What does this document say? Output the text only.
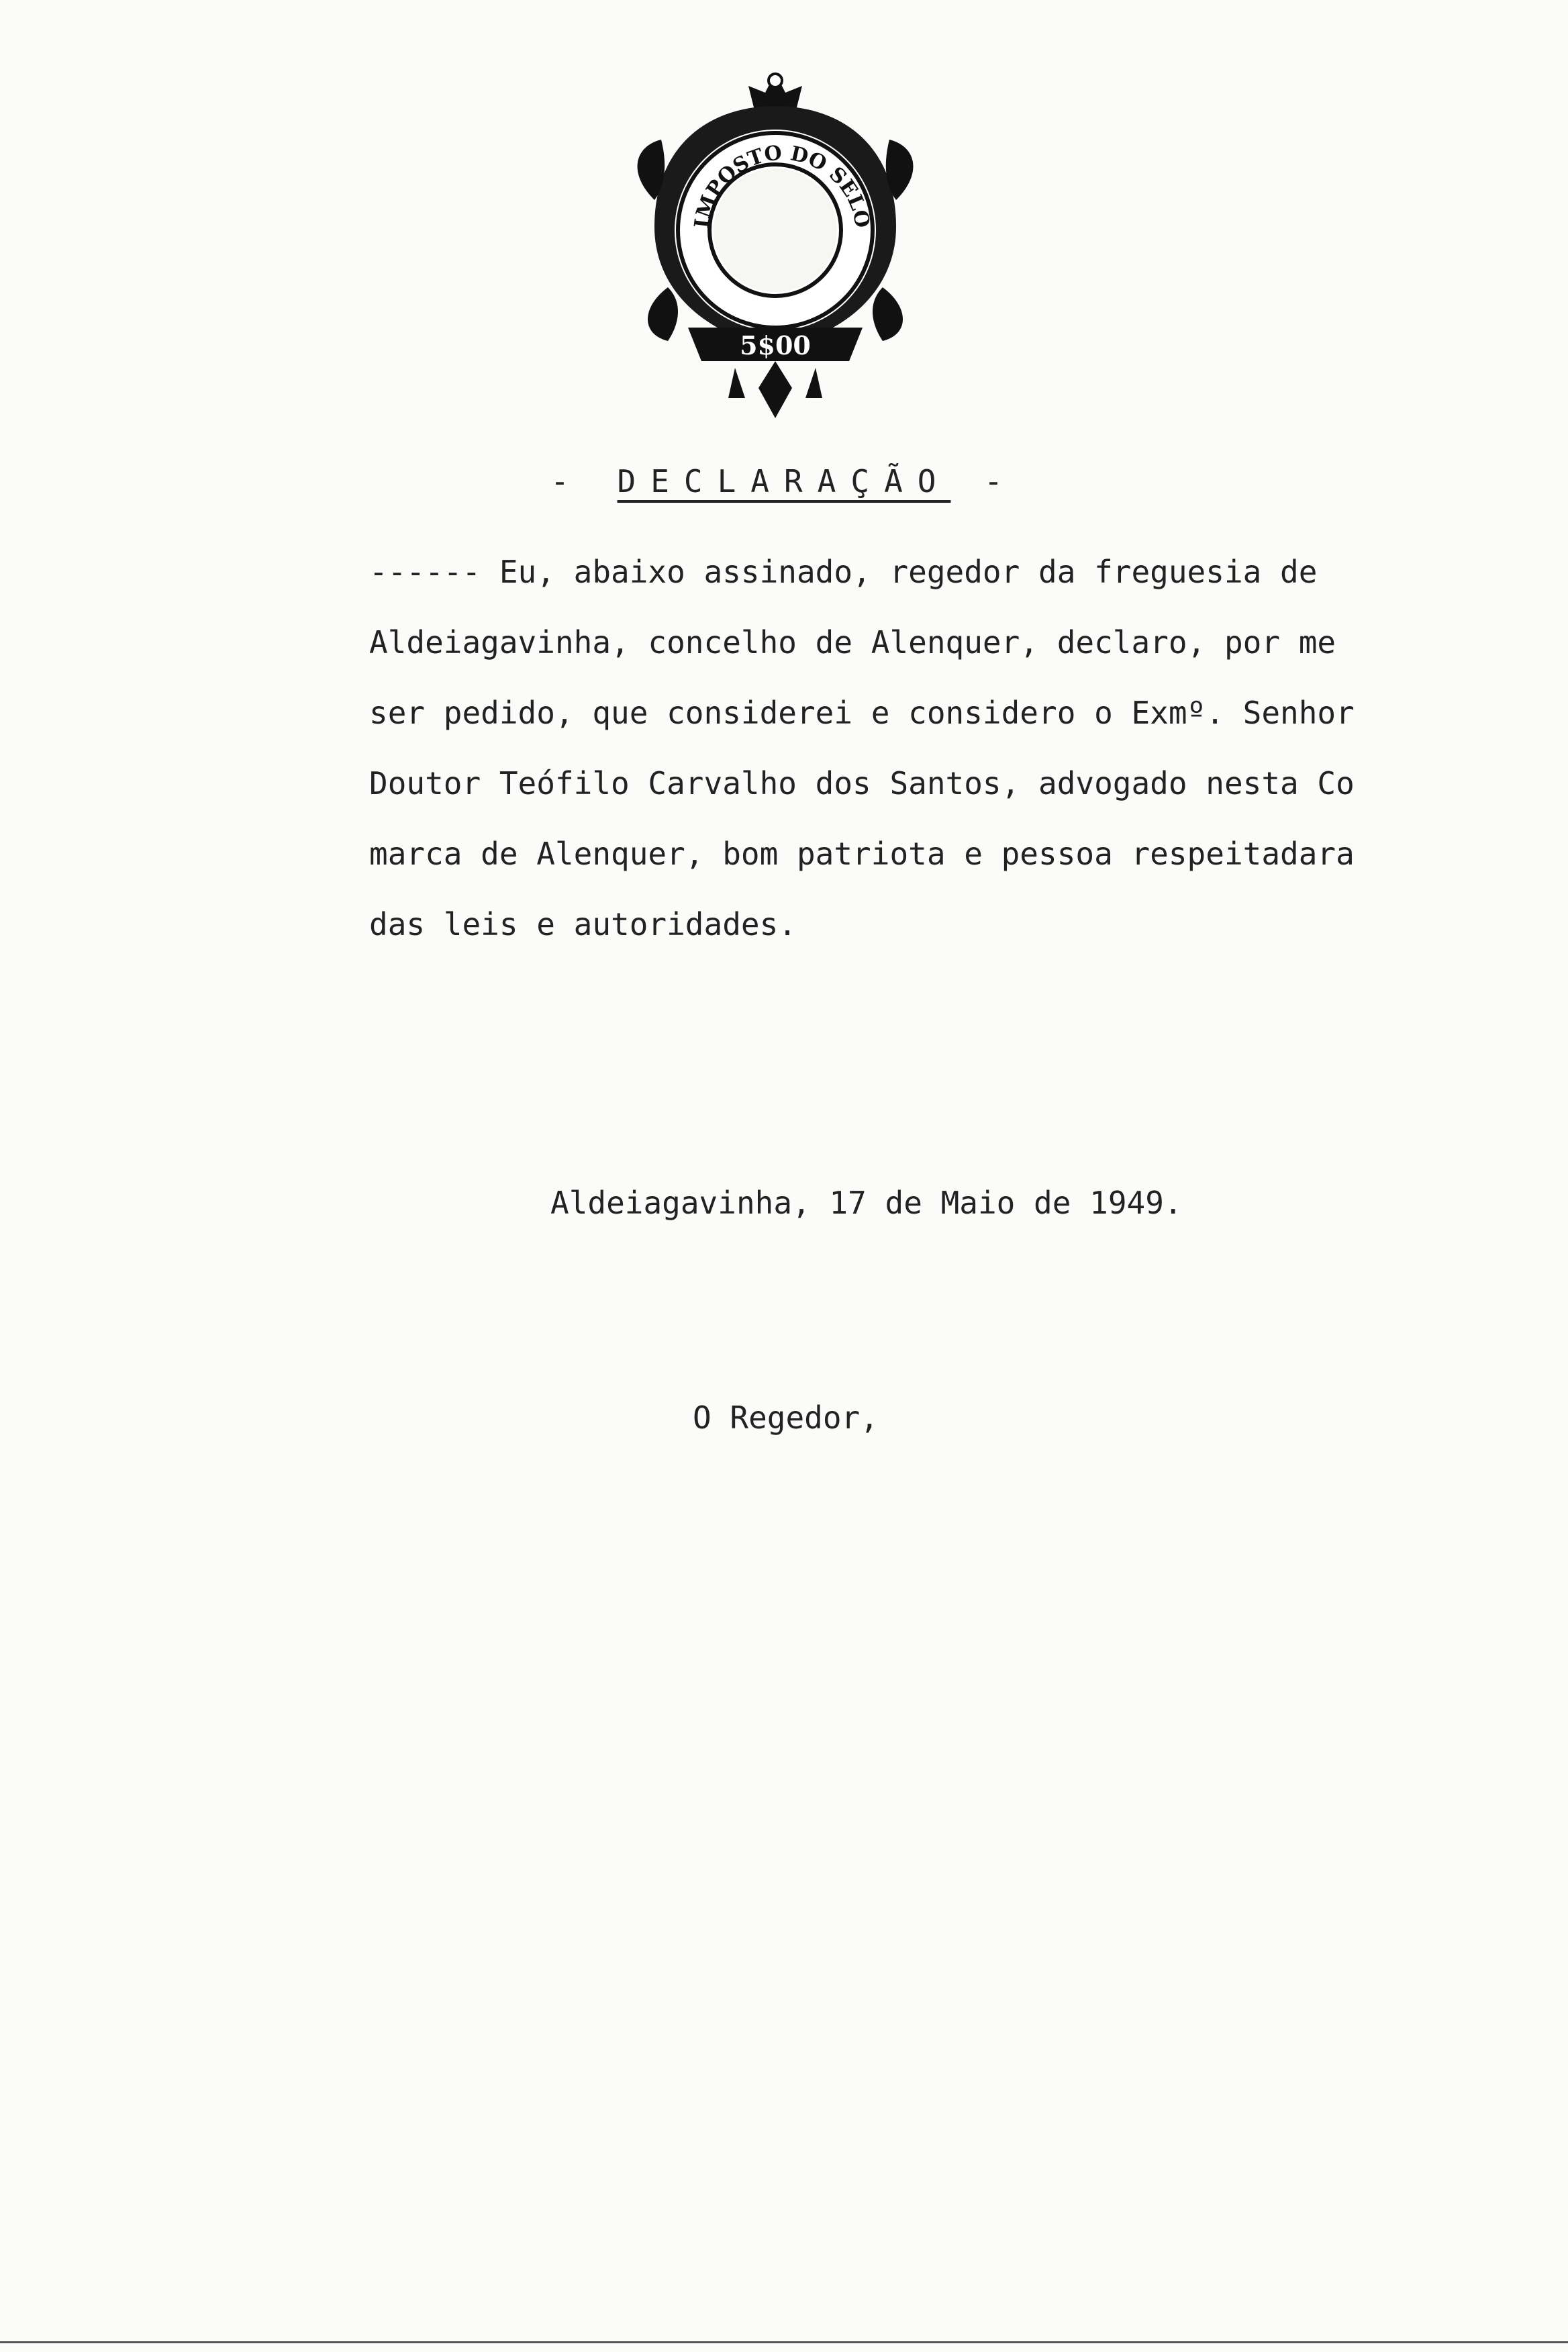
IMPOSTO DO SELO
5$00
- DECLARAÇÃO -
------ Eu, abaixo assinado, regedor da freguesia de
Aldeiagavinha, concelho de Alenquer, declaro, por me
ser pedido, que considerei e considero o Exmº. Senhor
Doutor Teófilo Carvalho dos Santos, advogado nesta Co
marca de Alenquer, bom patriota e pessoa respeitadara
das leis e autoridades.
Aldeiagavinha, 17 de Maio de 1949.
O Regedor,
